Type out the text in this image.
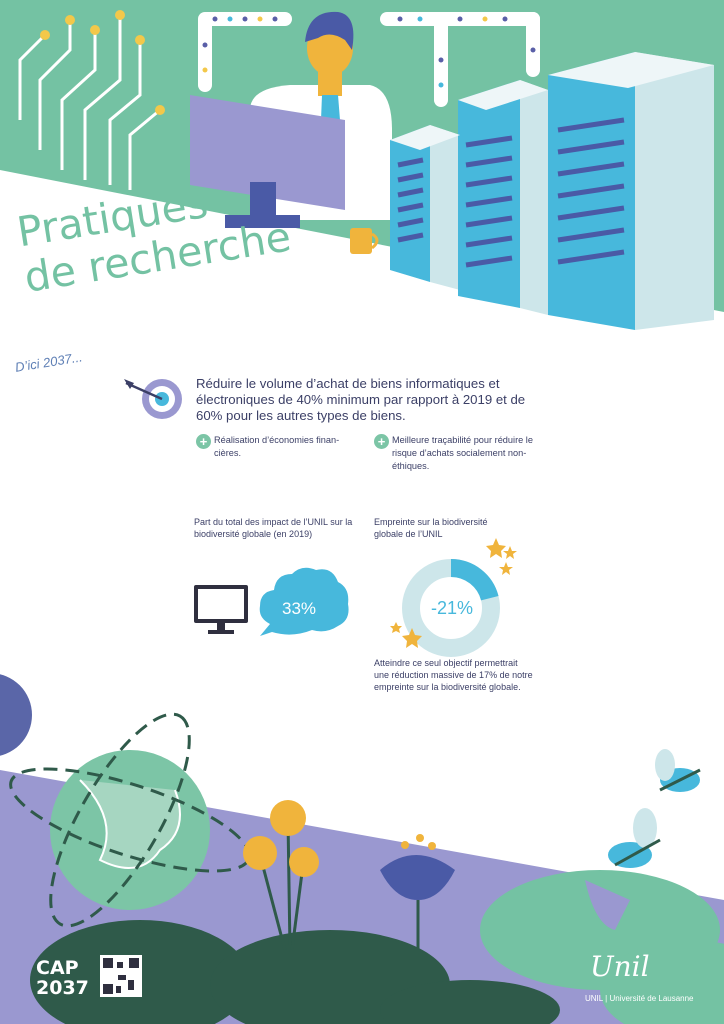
Pratiques
de recherche
D’ici 2037...
Réduire le volume d’achat de biens informatiques et électroniques de 40% minimum par rapport à 2019 et de 60% pour les autres types de biens.
+ Réalisation d’économies financières.
+ Meilleure traçabilité pour réduire le risque d’achats socialement non-éthiques.
Part du total des impact de l’UNIL sur la biodiversité globale (en 2019)
33%
Empreinte sur la biodiversité globale de l’UNIL
-21%
Atteindre ce seul objectif permettrait une réduction massive de 17% de notre empreinte sur la biodiversité globale.
CAP
2037
Unil
UNIL | Université de Lausanne
